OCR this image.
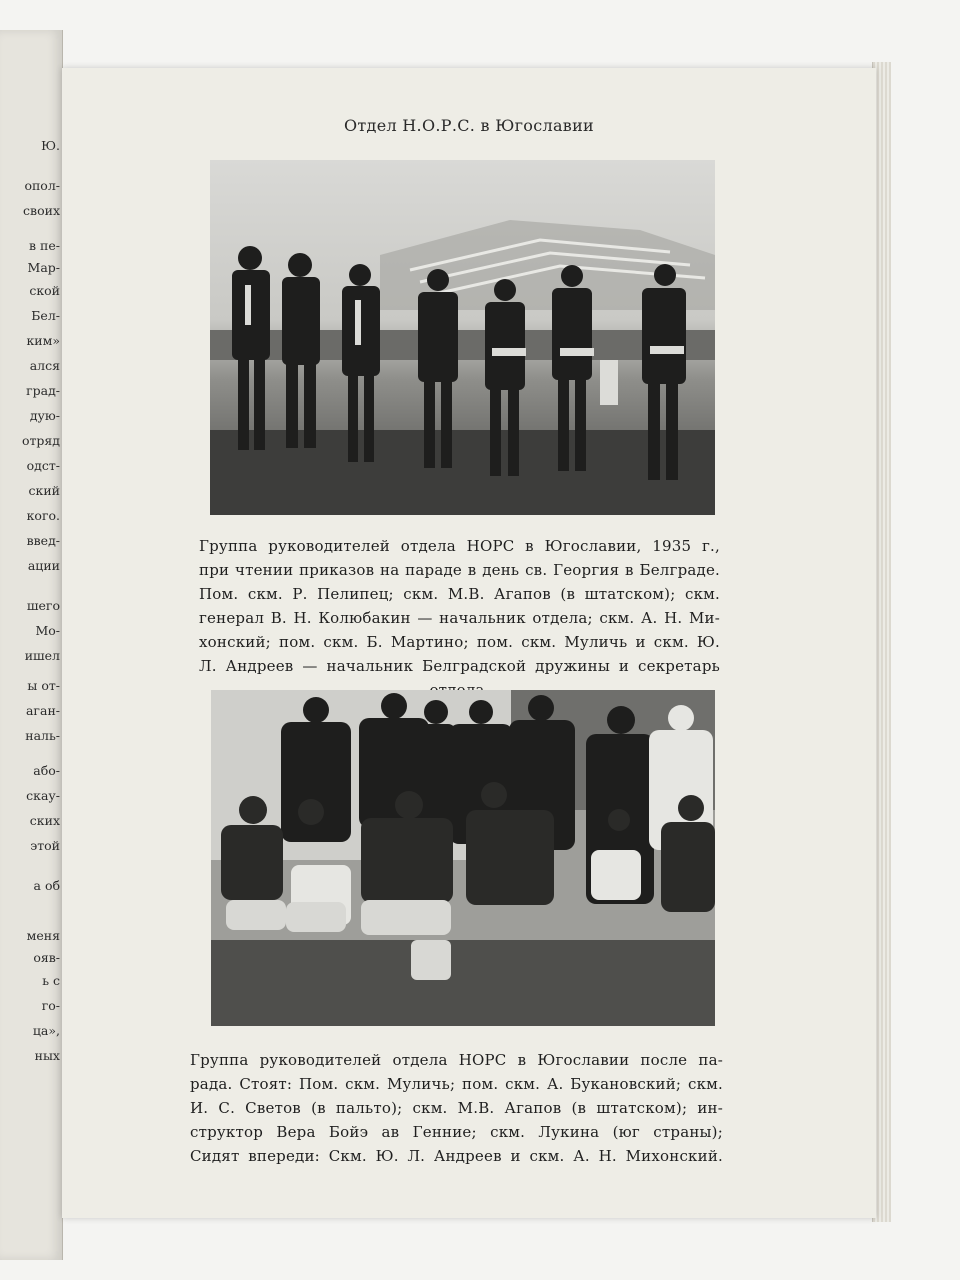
Ю.
опол-
своих
в пе-
Мар-
ской
Бел-
ким»
ался
град-
дую-
отряд
одст-
ский
кого.
введ-
ации
шего
Мо-
ишел
ы от-
аган-
наль-
або-
скау-
ских
этой
а об
меня
ояв-
ь с
го-
ца»,
ных
Отдел Н.О.Р.С. в Югославии
Группа руководителей отдела НОРС в Югославии, 1935 г.,
при чтении приказов на параде в день св. Георгия в Белграде.
Пом. скм. Р. Пелипец; скм. М.В. Агапов (в штатском); скм.
генерал В. Н. Колюбакин — начальник отдела; скм. А. Н. Ми-
хонский; пом. скм. Б. Мартино; пом. скм. Муличь и скм. Ю.
Л. Андреев — начальник Белградской дружины и секретарь
Группа руководителей отдела НОРС в Югославии после па-
рада. Стоят: Пом. скм. Муличь; пом. скм. А. Букановский; скм.
И. С. Светов (в пальто); скм. М.В. Агапов (в штатском); ин-
структор Вера Бойэ ав Генние; скм. Лукина (юг страны);
Сидят впереди: Скм. Ю. Л. Андреев и скм. А. Н. Михонский.
